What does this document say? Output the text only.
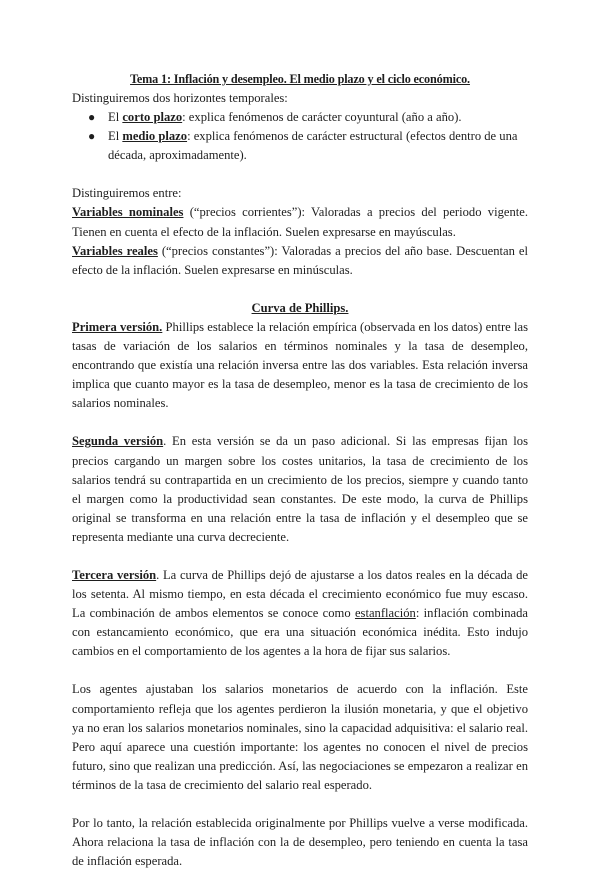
Tema 1: Inflación y desempleo. El medio plazo y el ciclo económico.

Distinguiremos dos horizontes temporales:

● El corto plazo: explica fenómenos de carácter coyuntural (año a año).
● El medio plazo: explica fenómenos de carácter estructural (efectos dentro de una década, aproximadamente).

Distinguiremos entre:

Variables nominales (“precios corrientes”): Valoradas a precios del periodo vigente. Tienen en cuenta el efecto de la inflación. Suelen expresarse en mayúsculas.

Variables reales (“precios constantes”): Valoradas a precios del año base. Descuentan el efecto de la inflación. Suelen expresarse en minúsculas.

Curva de Phillips.

Primera versión. Phillips establece la relación empírica (observada en los datos) entre las tasas de variación de los salarios en términos nominales y la tasa de desempleo, encontrando que existía una relación inversa entre las dos variables. Esta relación inversa implica que cuanto mayor es la tasa de desempleo, menor es la tasa de crecimiento de los salarios nominales.

Segunda versión. En esta versión se da un paso adicional. Si las empresas fijan los precios cargando un margen sobre los costes unitarios, la tasa de crecimiento de los salarios tendrá su contrapartida en un crecimiento de los precios, siempre y cuando tanto el margen como la productividad sean constantes. De este modo, la curva de Phillips original se transforma en una relación entre la tasa de inflación y el desempleo que se representa mediante una curva decreciente.

Tercera versión. La curva de Phillips dejó de ajustarse a los datos reales en la década de los setenta. Al mismo tiempo, en esta década el crecimiento económico fue muy escaso. La combinación de ambos elementos se conoce como estanflación: inflación combinada con estancamiento económico, que era una situación económica inédita. Esto indujo cambios en el comportamiento de los agentes a la hora de fijar sus salarios.

Los agentes ajustaban los salarios monetarios de acuerdo con la inflación. Este comportamiento refleja que los agentes perdieron la ilusión monetaria, y que el objetivo ya no eran los salarios monetarios nominales, sino la capacidad adquisitiva: el salario real. Pero aquí aparece una cuestión importante: los agentes no conocen el nivel de precios futuro, sino que realizan una predicción. Así, las negociaciones se empezaron a realizar en términos de la tasa de crecimiento del salario real esperado.

Por lo tanto, la relación establecida originalmente por Phillips vuelve a verse modificada. Ahora relaciona la tasa de inflación con la de desempleo, pero teniendo en cuenta la tasa de inflación esperada.
